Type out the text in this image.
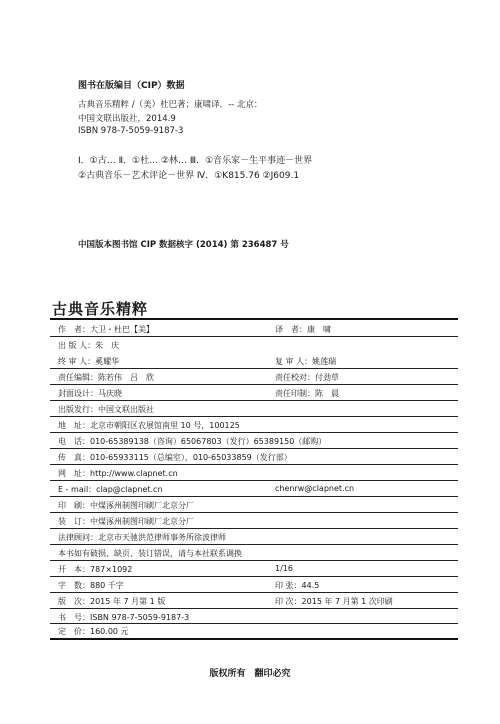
图书在版编目（CIP）数据
古典音乐精粹 /（美）杜巴著；康啸译．-- 北京：
中国文联出版社，2014.9
ISBN 978-7-5059-9187-3
Ⅰ．①古… Ⅱ．①杜… ②林… Ⅲ．①音乐家－生平事迹－世界
②古典音乐－艺术评论－世界 Ⅳ．①K815.76 ②J609.1
中国版本图书馆 CIP 数据核字 (2014) 第 236487 号
古典音乐精粹
作　者：大卫・杜巴【美】	译　者：康　啸
出 版 人：朱　庆
终 审 人：奚耀华	复 审 人：姚莲瑞
责任编辑：陈若伟　吕　欣	责任校对：付劲草
封面设计：马庆晓	责任印制：陈　晨
出版发行：中国文联出版社
地　址：北京市朝阳区农展馆南里 10 号，100125
电　话：010-65389138（咨询）65067803（发行）65389150（邮购）
传　真：010-65933115（总编室），010-65033859（发行部）
网　址：http://www.clapnet.cn
E - mail：clap@clapnet.cn	chenrw@clapnet.cn
印　刷：中煤涿州制图印刷厂北京分厂
装　订：中煤涿州制图印刷厂北京分厂
法律顾问：北京市天驰洪范律师事务所徐波律师
本书如有破损、缺页、装订错误，请与本社联系调换
开　本：787×1092	1/16
字　数：880 千字	印 张：44.5
版　次：2015 年 7 月第 1 版	印 次：2015 年 7 月第 1 次印刷
书　号：ISBN 978-7-5059-9187-3
定　价：160.00 元
版权所有　翻印必究
